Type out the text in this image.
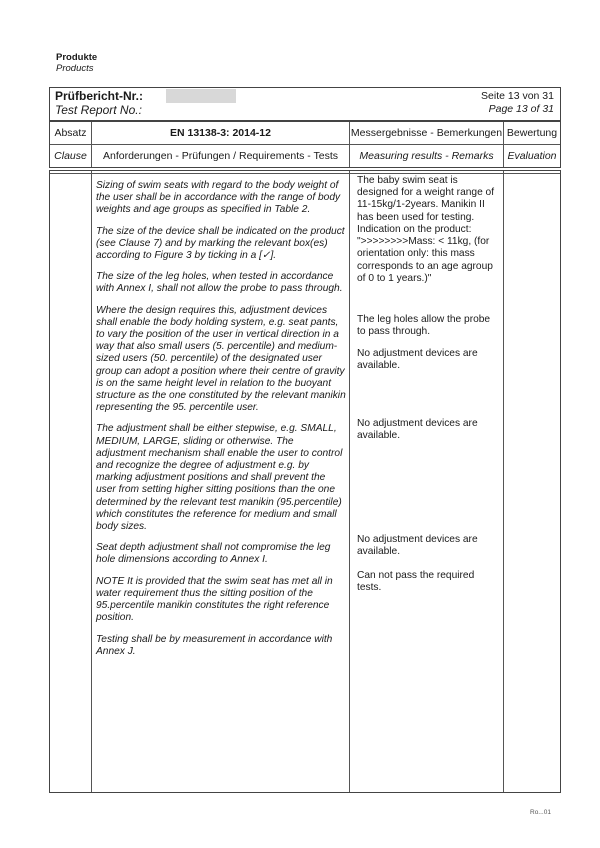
Produkte
Products
Prüfbericht-Nr.:
Test Report No.:
Seite 13 von 31
Page 13 of 31
Absatz
Clause
EN 13138-3: 2014-12
Anforderungen - Prüfungen / Requirements - Tests
Messergebnisse - Bemerkungen
Measuring results - Remarks
Bewertung
Evaluation

Sizing of swim seats with regard to the body weight of the user shall be in accordance with the range of body weights and age groups as specified in Table 2.

The size of the device shall be indicated on the product (see Clause 7) and by marking the relevant box(es) according to Figure 3 by ticking in a [✓].

The size of the leg holes, when tested in accordance with Annex I, shall not allow the probe to pass through.

Where the design requires this, adjustment devices shall enable the body holding system, e.g. seat pants, to vary the position of the user in vertical direction in a way that also small users (5. percentile) and medium-sized users (50. percentile) of the designated user group can adopt a position where their centre of gravity is on the same height level in relation to the buoyant structure as the one constituted by the relevant manikin representing the 95. percentile user.

The adjustment shall be either stepwise, e.g. SMALL, MEDIUM, LARGE, sliding or otherwise. The adjustment mechanism shall enable the user to control and recognize the degree of adjustment e.g. by marking adjustment positions and shall prevent the user from setting higher sitting positions than the one determined by the relevant test manikin (95.percentile) which constitutes the reference for medium and small body sizes.

Seat depth adjustment shall not compromise the leg hole dimensions according to Annex I.

NOTE It is provided that the swim seat has met all in water requirement thus the sitting position of the 95.percentile manikin constitutes the right reference position.

Testing shall be by measurement in accordance with Annex J.

The baby swim seat is designed for a weight range of 11-15kg/1-2years. Manikin II has been used for testing.
Indication on the product: ">>>>>>>>Mass: < 11kg, (for orientation only: this mass corresponds to an age agroup of 0 to 1 years.)"
The leg holes allow the probe to pass through.
No adjustment devices are available.
No adjustment devices are available.
No adjustment devices are available.
Can not pass the required tests.
Ro...01
